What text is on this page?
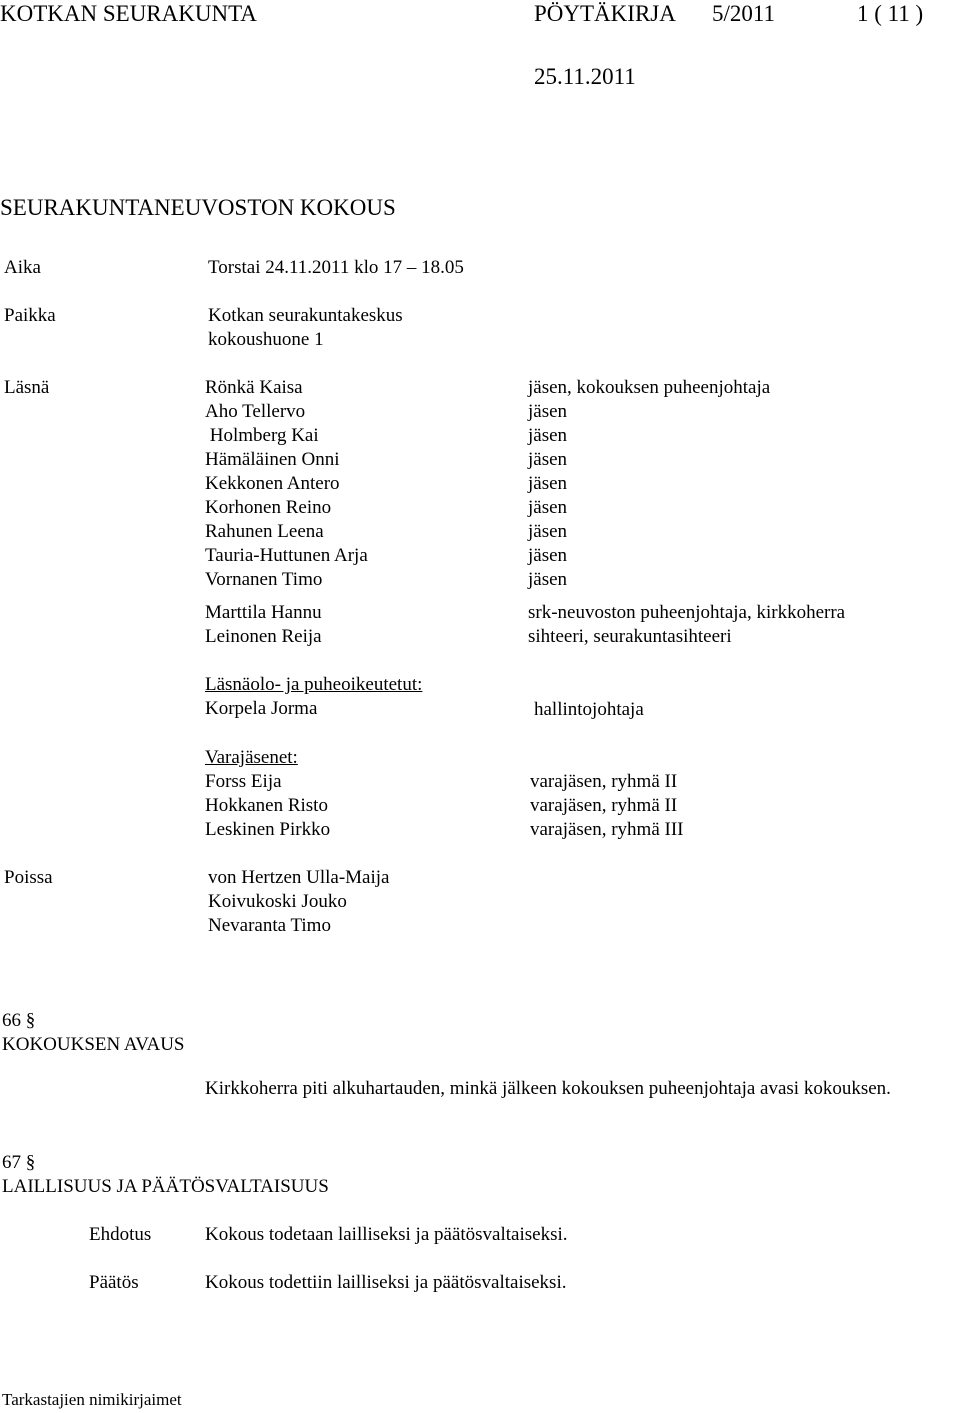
KOTKAN SEURAKUNTA	PÖYTÄKIRJA 5/2011	1 ( 11 )
25.11.2011
SEURAKUNTANEUVOSTON KOKOUS
Aika	Torstai 24.11.2011 klo 17 – 18.05
Paikka	Kotkan seurakuntakeskus
kokoushuone 1
Läsnä	Rönkä Kaisa	jäsen, kokouksen puheenjohtaja
Aho Tellervo	jäsen
Holmberg Kai	jäsen
Hämäläinen Onni	jäsen
Kekkonen Antero	jäsen
Korhonen Reino	jäsen
Rahunen Leena	jäsen
Tauria-Huttunen Arja	jäsen
Vornanen Timo	jäsen
Marttila Hannu	srk-neuvoston puheenjohtaja, kirkkoherra
Leinonen Reija	sihteeri, seurakuntasihteeri
Läsnäolo- ja puheoikeutetut:
Korpela Jorma	hallintojohtaja
Varajäsenet:
Forss Eija	varajäsen, ryhmä II
Hokkanen Risto	varajäsen, ryhmä II
Leskinen Pirkko	varajäsen, ryhmä III
Poissa	von Hertzen Ulla-Maija
Koivukoski Jouko
Nevaranta Timo
66 §
KOKOUKSEN AVAUS
Kirkkoherra piti alkuhartauden, minkä jälkeen kokouksen puheenjohtaja avasi kokouksen.
67 §
LAILLISUUS JA PÄÄTÖSVALTAISUUS
Ehdotus	Kokous todetaan lailliseksi ja päätösvaltaiseksi.
Päätös	Kokous todettiin lailliseksi ja päätösvaltaiseksi.
Tarkastajien nimikirjaimet
